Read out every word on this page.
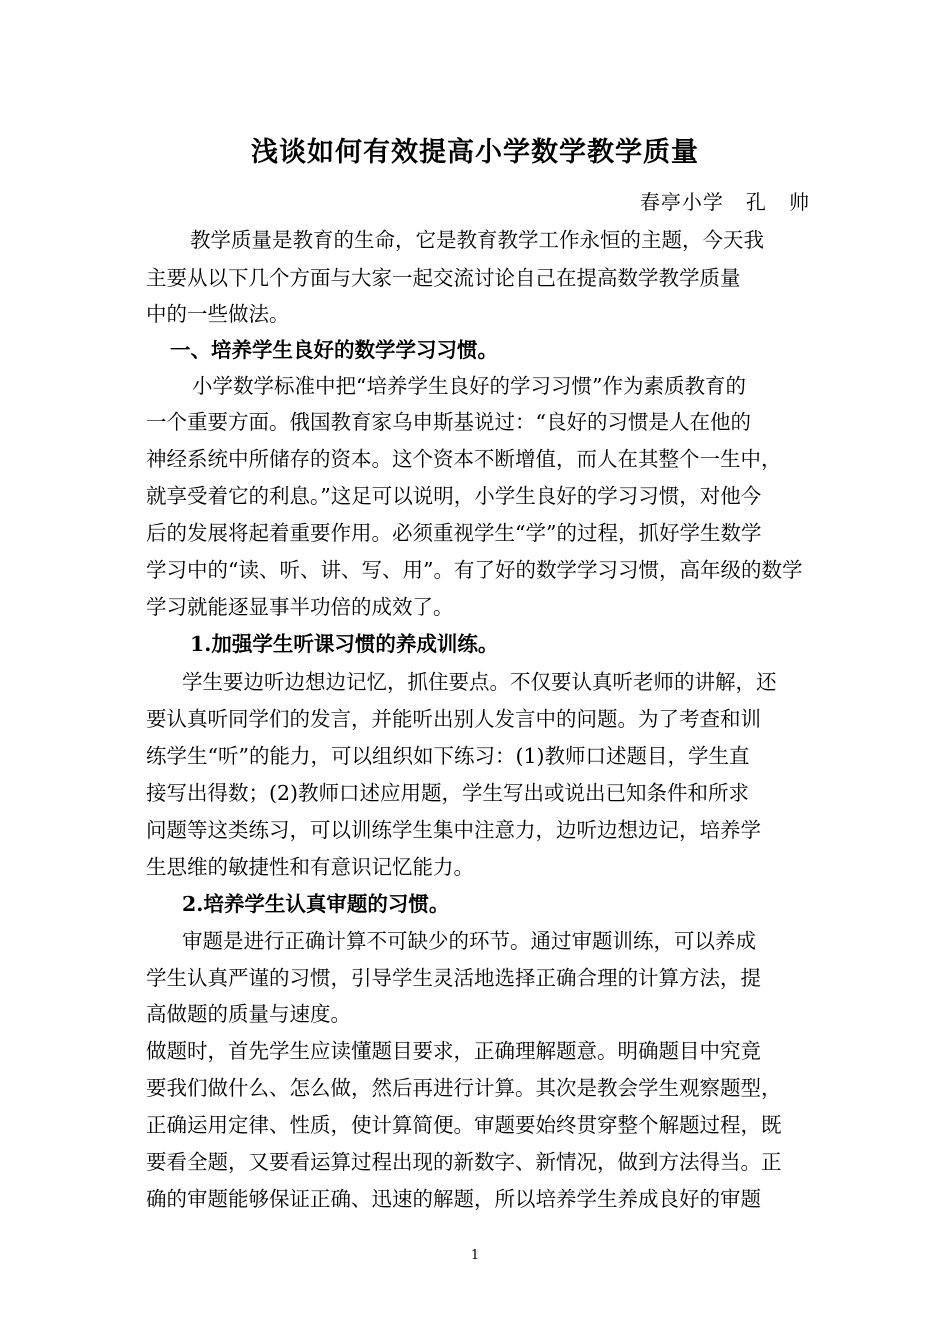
浅谈如何有效提高小学数学教学质量
春亭小学   孔   帅
教学质量是教育的生命，它是教育教学工作永恒的主题，今天我
主要从以下几个方面与大家一起交流讨论自己在提高数学教学质量
中的一些做法。
一、培养学生良好的数学学习习惯。
小学数学标准中把“培养学生良好的学习习惯”作为素质教育的
一个重要方面。俄国教育家乌申斯基说过：“良好的习惯是人在他的
神经系统中所储存的资本。这个资本不断增值，而人在其整个一生中，
就享受着它的利息。”这足可以说明，小学生良好的学习习惯，对他今
后的发展将起着重要作用。必须重视学生“学”的过程，抓好学生数学
学习中的“读、听、讲、写、用”。有了好的数学学习习惯，高年级的数学
学习就能逐显事半功倍的成效了。
1.加强学生听课习惯的养成训练。
学生要边听边想边记忆，抓住要点。不仅要认真听老师的讲解，还
要认真听同学们的发言，并能听出别人发言中的问题。为了考查和训
练学生“听”的能力，可以组织如下练习：(1)教师口述题目，学生直
接写出得数；(2)教师口述应用题，学生写出或说出已知条件和所求
问题等这类练习，可以训练学生集中注意力，边听边想边记，培养学
生思维的敏捷性和有意识记忆能力。
2.培养学生认真审题的习惯。
审题是进行正确计算不可缺少的环节。通过审题训练，可以养成
学生认真严谨的习惯，引导学生灵活地选择正确合理的计算方法，提
高做题的质量与速度。
做题时，首先学生应读懂题目要求，正确理解题意。明确题目中究竟
要我们做什么、怎么做，然后再进行计算。其次是教会学生观察题型，
正确运用定律、性质，使计算简便。审题要始终贯穿整个解题过程，既
要看全题，又要看运算过程出现的新数字、新情况，做到方法得当。正
确的审题能够保证正确、迅速的解题，所以培养学生养成良好的审题
1
